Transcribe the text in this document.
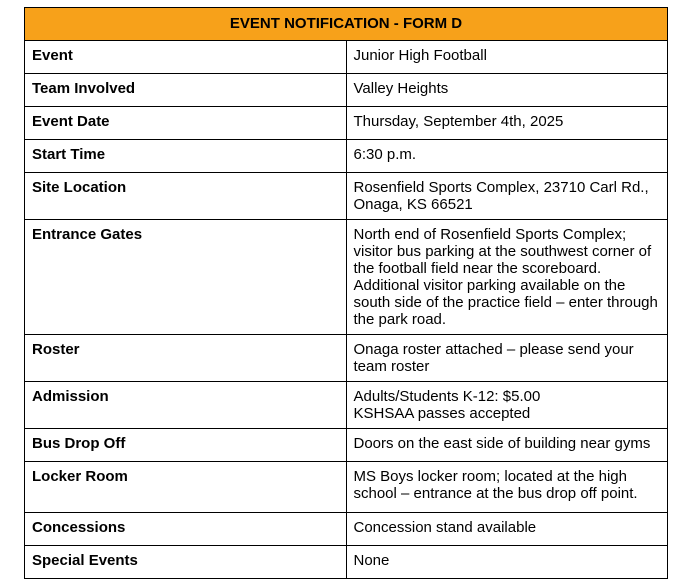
EVENT NOTIFICATION - FORM D	
Event	Junior High Football
Team Involved	Valley Heights
Event Date	Thursday, September 4th, 2025
Start Time	6:30 p.m.
Site Location	Rosenfield Sports Complex, 23710 Carl Rd., Onaga, KS 66521
Entrance Gates	North end of Rosenfield Sports Complex; visitor bus parking at the southwest corner of the football field near the scoreboard. Additional visitor parking available on the south side of the practice field – enter through the park road.
Roster	Onaga roster attached – please send your team roster
Admission	Adults/Students K-12: $5.00KSHSAA passes accepted
Bus Drop Off	Doors on the east side of building near gyms
Locker Room	MS Boys locker room; located at the high school – entrance at the bus drop off point.
Concessions	Concession stand available
Special Events	None
